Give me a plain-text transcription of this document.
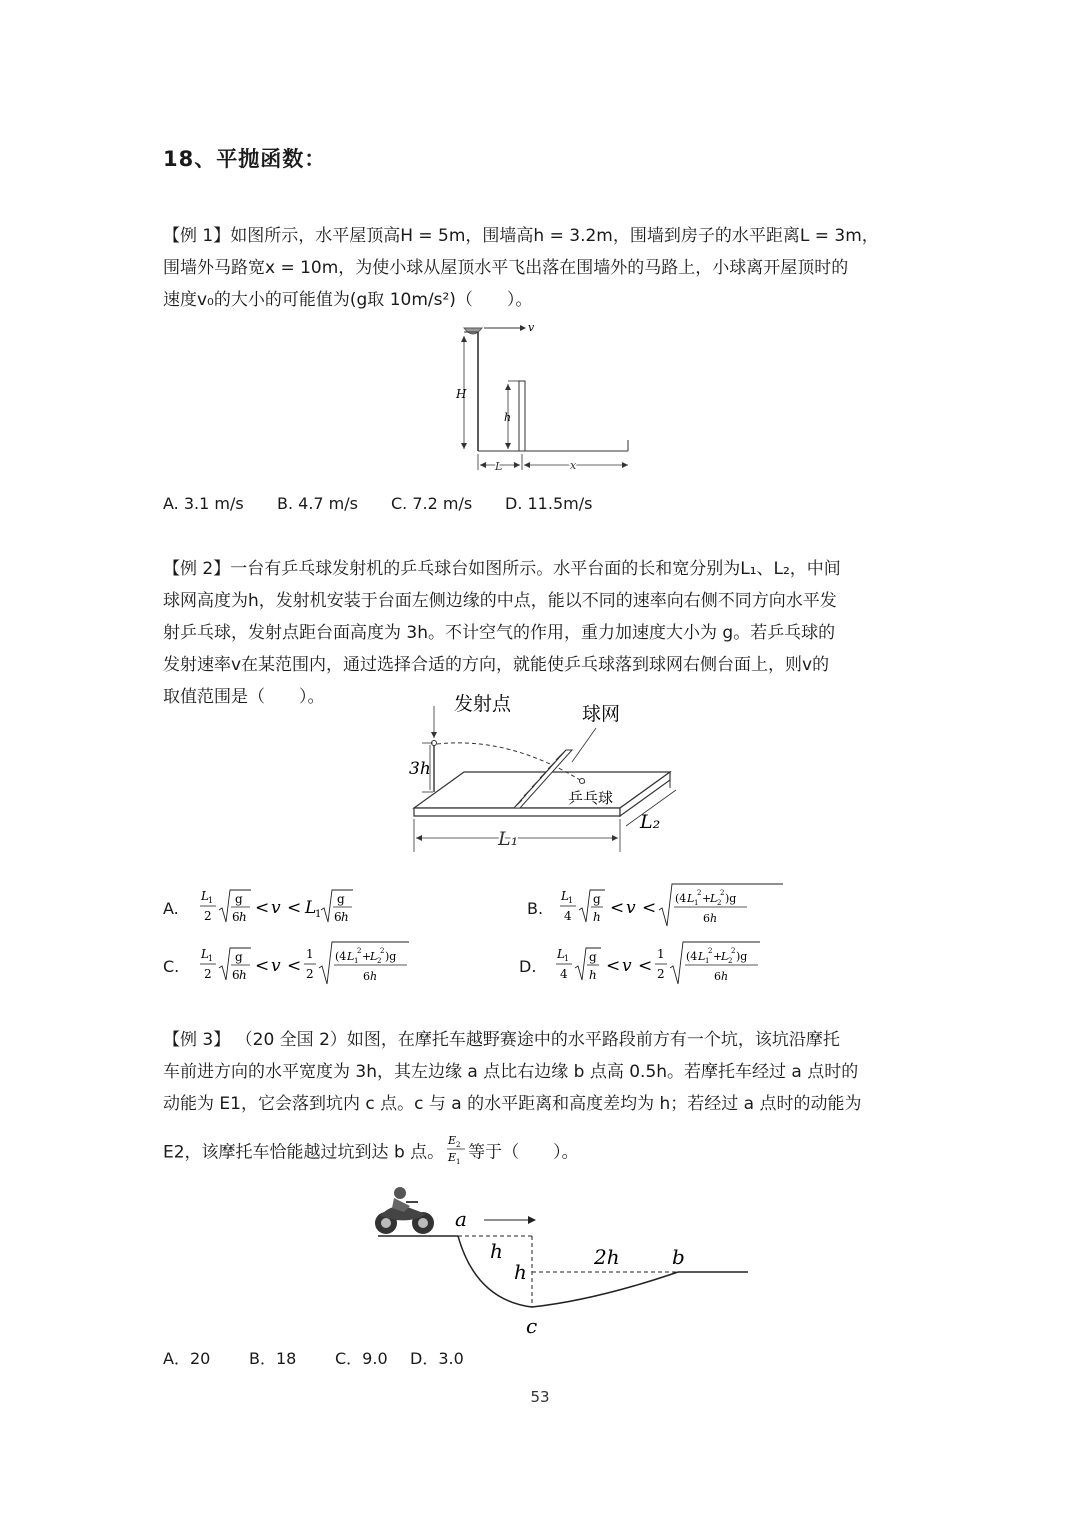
18、平抛函数：

【例 1】如图所示，水平屋顶高H = 5m，围墙高h = 3.2m，围墙到房子的水平距离L = 3m，

围墙外马路宽x = 10m，为使小球从屋顶水平飞出落在围墙外的马路上，小球离开屋顶时的

速度v₀的大小的可能值为(g取 10m/s²)（　　）。

v
H
h
L	x
A. 3.1 m/s B. 4.7 m/s C. 7.2 m/s D. 11.5m/s

【例 2】一台有乒乓球发射机的乒乓球台如图所示。水平台面的长和宽分别为L₁、L₂，中间

球网高度为h，发射机安装于台面左侧边缘的中点，能以不同的速率向右侧不同方向水平发

射乒乓球，发射点距台面高度为 3h。不计空气的作用，重力加速度大小为 g。若乒乓球的

发射速率v在某范围内，通过选择合适的方向，就能使乒乓球落到球网右侧台面上，则v的

取值范围是（　　）。

3h
发射点	球网
乒乓球
L₁
L₂
A.
L 1
2
g
6 h < v < L
1
g
6 h	B.
L 1
4
g
h < v < (4 L 1
2 +
L 2
2 )g
6 h
C.
L 1
2
g
6 h < v <
1
2
(4 L 1
2 +
L 2
2 )g
6 h
D.
L 1
4
g
h < v <
1
2
(4 L 1
2 +
L 2
2 )g
6 h

【例 3】 （20 全国 2）如图，在摩托车越野赛途中的水平路段前方有一个坑，该坑沿摩托

车前进方向的水平宽度为 3h，其左边缘 a 点比右边缘 b 点高 0.5h。若摩托车经过 a 点时的

动能为 E1，它会落到坑内 c 点。c 与 a 的水平距离和高度差均为 h；若经过 a 点时的动能为

E2，该摩托车恰能越过坑到达 b 点。
E 2
E 1 等于（　　）。

a
h
h
2h	b
c
A．20 B．18 C．9.0 D．3.0
53
